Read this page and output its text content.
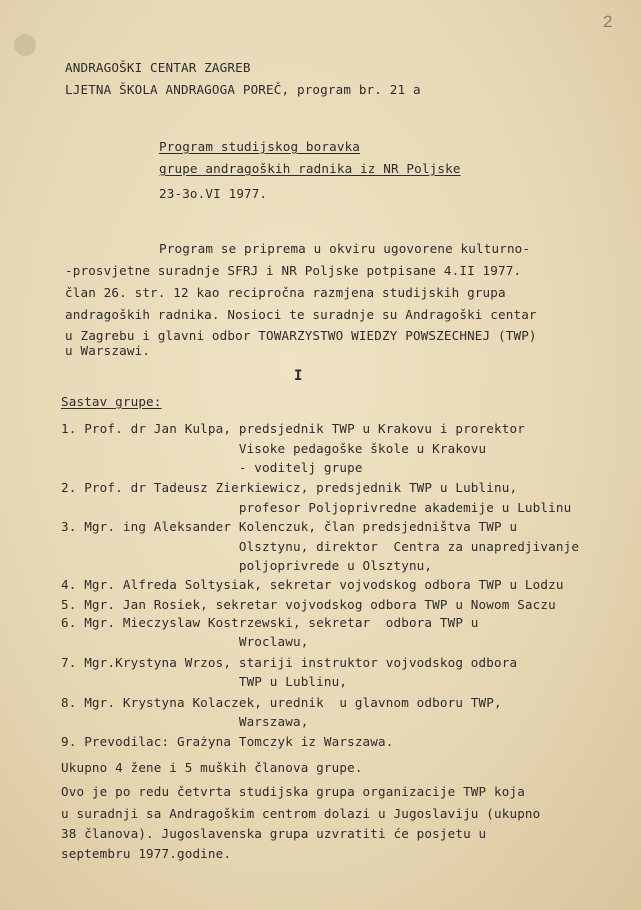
2
ANDRAGOŠKI CENTAR ZAGREB
LJETNA ŠKOLA ANDRAGOGA POREČ, program br. 21 a
Program studijskog boravka
grupe andragoških radnika iz NR Poljske
23-3o.VI 1977.
Program se priprema u okviru ugovorene kulturno-
-prosvjetne suradnje SFRJ i NR Poljske potpisane 4.II 1977.
član 26. str. 12 kao recipročna razmjena studijskih grupa
andragoških radnika. Nosioci te suradnje su Andragoški centar
u Zagrebu i glavni odbor TOWARZYSTWO WIEDZY POWSZECHNEJ (TWP)
u Warszawi.
I
Sastav grupe:
1. Prof. dr Jan Kulpa, predsjednik TWP u Krakovu i prorektor
Visoke pedagoške škole u Krakovu
- voditelj grupe
2. Prof. dr Tadeusz Zierkiewicz, predsjednik TWP u Lublinu,
profesor Poljoprivredne akademije u Lublinu
3. Mgr. ing Aleksander Kolenczuk, član predsjedništva TWP u
Olsztynu, direktor  Centra za unapredjivanje
poljoprivrede u Olsztynu,
4. Mgr. Alfreda Soltysiak, sekretar vojvodskog odbora TWP u Lodzu
5. Mgr. Jan Rosiek, sekretar vojvodskog odbora TWP u Nowom Saczu
6. Mgr. Mieczyslaw Kostrzewski, sekretar  odbora TWP u
Wroclawu,
7. Mgr.Krystyna Wrzos, stariji instruktor vojvodskog odbora
TWP u Lublinu,
8. Mgr. Krystyna Kolaczek, urednik  u glavnom odboru TWP,
Warszawa,
9. Prevodilac: Grażyna Tomczyk iz Warszawa.
Ukupno 4 žene i 5 muških članova grupe.
Ovo je po redu četvrta studijska grupa organizacije TWP koja
u suradnji sa Andragoškim centrom dolazi u Jugoslaviju (ukupno
38 članova). Jugoslavenska grupa uzvratiti će posjetu u
septembru 1977.godine.
